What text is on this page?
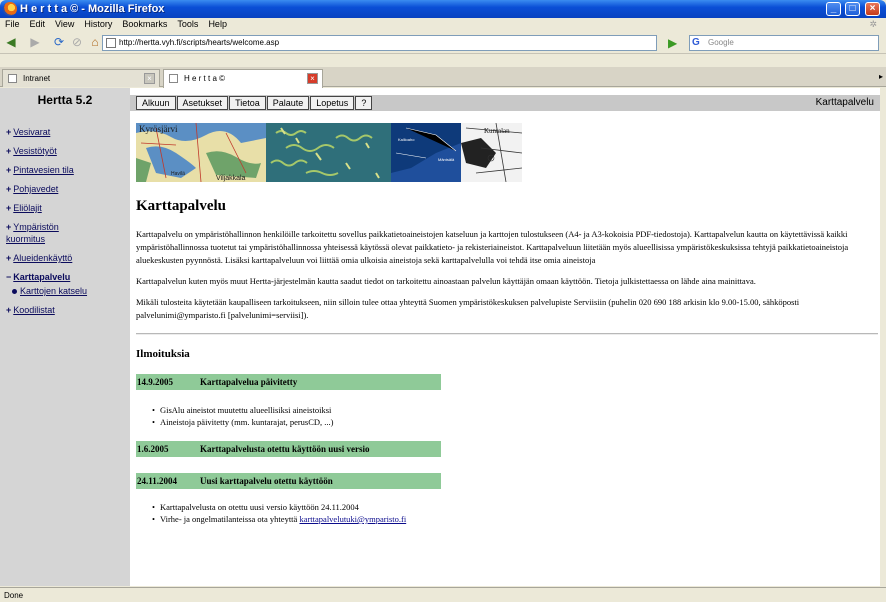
H e r t t a © - Mozilla Firefox	_	□	×
File Edit View History Bookmarks Tools Help	✲
◀ ▶ ⟳ ⊘ ⌂	http://hertta.vyh.fi/scripts/hearts/welcome.asp	▶ G Google
Intranet	×	H e r t t a ©	×	▸
Hertta 5.2
+ Vesivarat
+ Vesistötyöt
+ Pintavesien tila
+ Pohjavedet
+ Eliölajit
+ Ympäristön kuormitus
+ Alueidenkäyttö
− Karttapalvelu
Karttojen katselu
+ Koodilistat
Alkuun Asetukset Tietoa Palaute Lopetus ?	Karttapalvelu
Kyrösjärvi
Viljakkala
Havilä
Kallioaho
Mäntsälä
Kuntalan
Karttapalvelu

Karttapalvelu on ympäristöhallinnon henkilöille tarkoitettu sovellus paikkatietoaineistojen katseluun ja karttojen tulostukseen (A4- ja A3-kokoisia PDF-tiedostoja). Karttapalvelun kautta on käytettävissä kaikki ympäristöhallinnossa tuotetut tai ympäristöhallinnossa yhteisessä käytössä olevat paikkatieto- ja rekisteriaineistot. Karttapalveluun liitetään myös alueellisissa ympäristökeskuksissa tehtyjä paikkatietoaineistoja aluekeskusten pyynnöstä. Lisäksi karttapalveluun voi liittää omia ulkoisia aineistoja sekä karttapalvelulla voi tehdä itse omia aineistoja

Karttapalvelun kuten myös muut Hertta-järjestelmän kautta saadut tiedot on tarkoitettu ainoastaan palvelun käyttäjän omaan käyttöön. Tietoja julkistettaessa on lähde aina mainittava.

Mikäli tulosteita käytetään kaupalliseen tarkoitukseen, niin silloin tulee ottaa yhteyttä Suomen ympäristökeskuksen palvelupiste Serviisiin (puhelin 020 690 188 arkisin klo 9.00-15.00, sähköposti palvelunimi@ymparisto.fi [palvelunimi=serviisi]).

Ilmoituksia
14.9.2005	Karttapalvelua päivitetty
• GisAlu aineistot muutettu alueellisiksi aineistoiksi
• Aineistoja päivitetty (mm. kuntarajat, perusCD, ...)
1.6.2005	Karttapalvelusta otettu käyttöön uusi versio
24.11.2004	Uusi karttapalvelu otettu käyttöön
• Karttapalvelusta on otettu uusi versio käyttöön 24.11.2004
• Virhe- ja ongelmatilanteissa ota yhteyttä karttapalvelutuki@ymparisto.fi
Done
